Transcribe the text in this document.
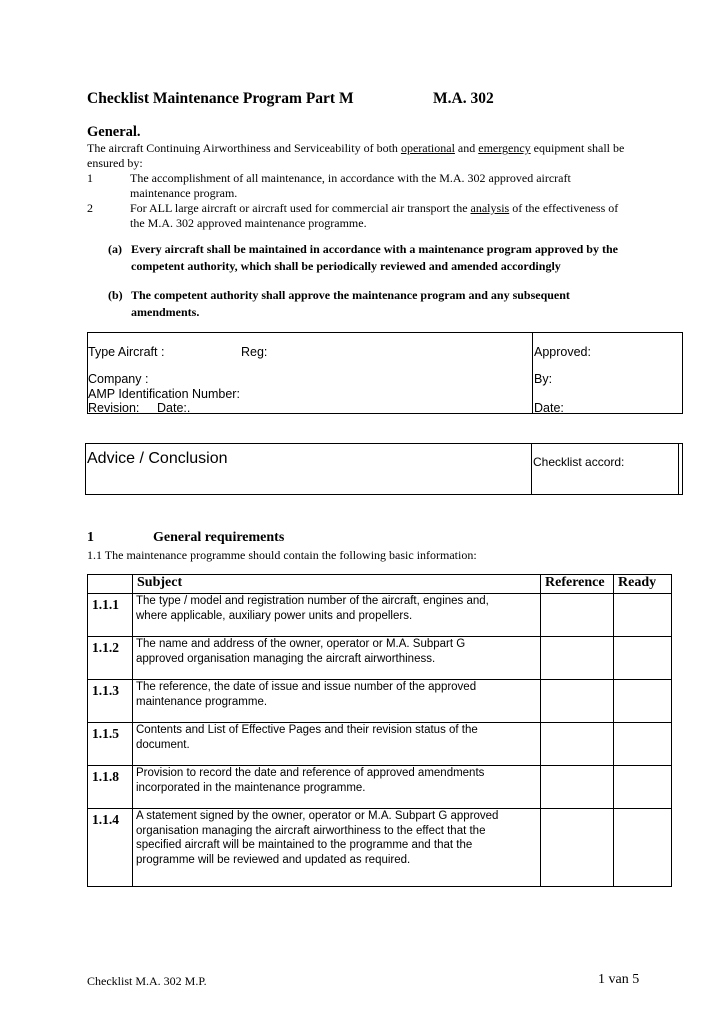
Checklist Maintenance Program Part M	M.A. 302
General.
The aircraft Continuing Airworthiness and Serviceability of both operational and emergency equipment shall be
ensured by:
1	The accomplishment of all maintenance, in accordance with the M.A. 302 approved aircraft
maintenance program.
2	For ALL large aircraft or aircraft used for commercial air transport the analysis of the effectiveness of
the M.A. 302 approved maintenance programme.
(a) Every aircraft shall be maintained in accordance with a maintenance program approved by the
competent authority, which shall be periodically reviewed and amended accordingly
(b) The competent authority shall approve the maintenance program and any subsequent
amendments.
Type Aircraft :	Reg:	Approved:
Company :	By:
AMP Identification Number:
Revision: Date:.	Date:
Advice / Conclusion	Checklist accord:
1	General requirements
1.1 The maintenance programme should contain the following basic information:
	Subject	Reference	Ready
1.1.1	The type / model and registration number of the aircraft, engines and,
where applicable, auxiliary power units and propellers.		

1.1.2	The name and address of the owner, operator or M.A. Subpart G
approved organisation managing the aircraft airworthiness.		

1.1.3	The reference, the date of issue and issue number of the approved
maintenance programme.		

1.1.5	Contents and List of Effective Pages and their revision status of the
document.		

1.1.8	Provision to record the date and reference of approved amendments
incorporated in the maintenance programme.		

1.1.4	A statement signed by the owner, operator or M.A. Subpart G approved
organisation managing the aircraft airworthiness to the effect that the
specified aircraft will be maintained to the programme and that the
programme will be reviewed and updated as required.		

Checklist M.A. 302 M.P.	1 van 5
